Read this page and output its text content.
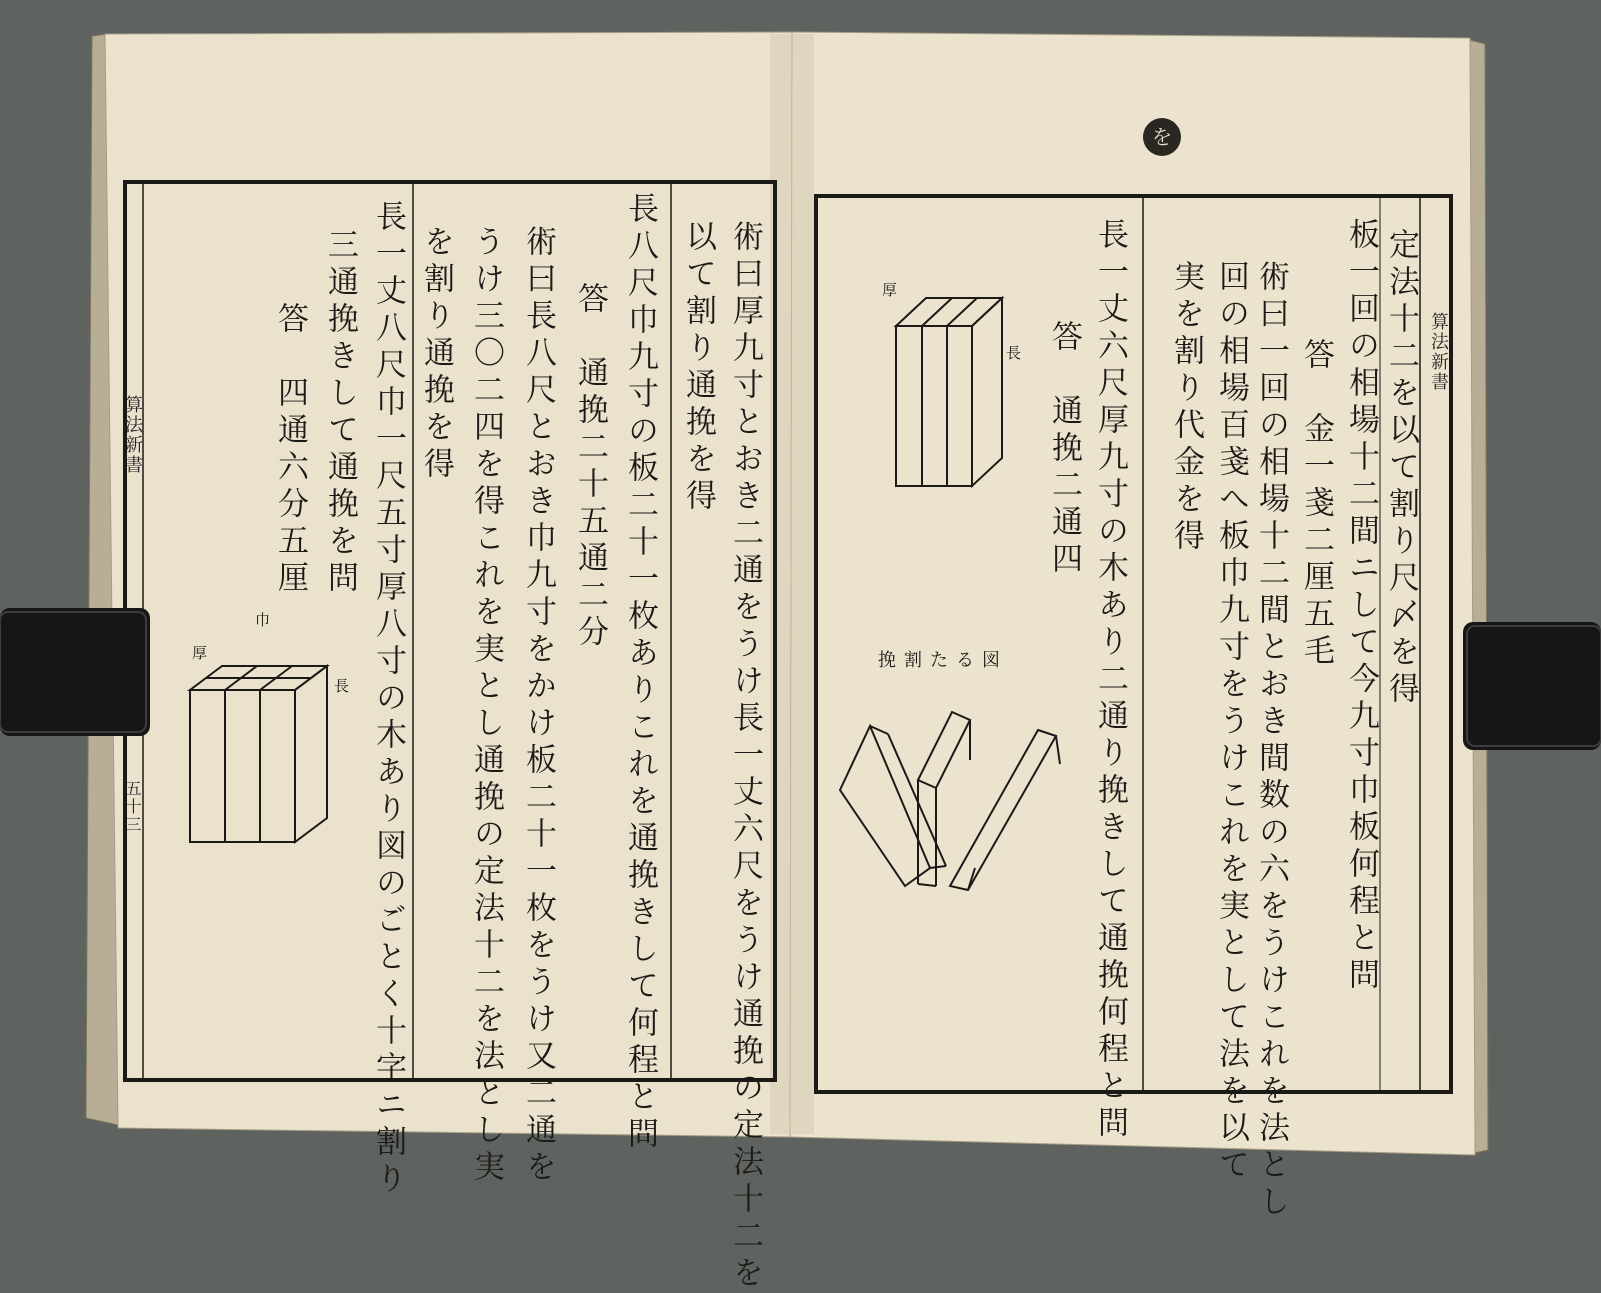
を
算法新書
定法十二を以て割り尺〆を得
板一回の相場十二間ニして今九寸巾板何程と問
答　金一戔二厘五毛
術曰一回の相場十二間とおき間数の六をうけこれを法とし
回の相場百戔へ板巾九寸をうけこれを実として法を以て
実を割り代金を得
長一丈六尺厚九寸の木あり二通り挽きして通挽何程と問
答　通挽二通四
厚
長
挽割たる図
算法新書
五十三	術曰厚九寸とおき二通をうけ長一丈六尺をうけ通挽の定法十二を
以て割り通挽を得
長八尺巾九寸の板二十一枚ありこれを通挽きして何程と問
答　通挽二十五通二分
術曰長八尺とおき巾九寸をかけ板二十一枚をうけ又二通を
うけ三〇二四を得これを実とし通挽の定法十二を法とし実
を割り通挽を得
長一丈八尺巾一尺五寸厚八寸の木あり図のごとく十字ニ割り
三通挽きして通挽を問
答　四通六分五厘
巾
厚
長
